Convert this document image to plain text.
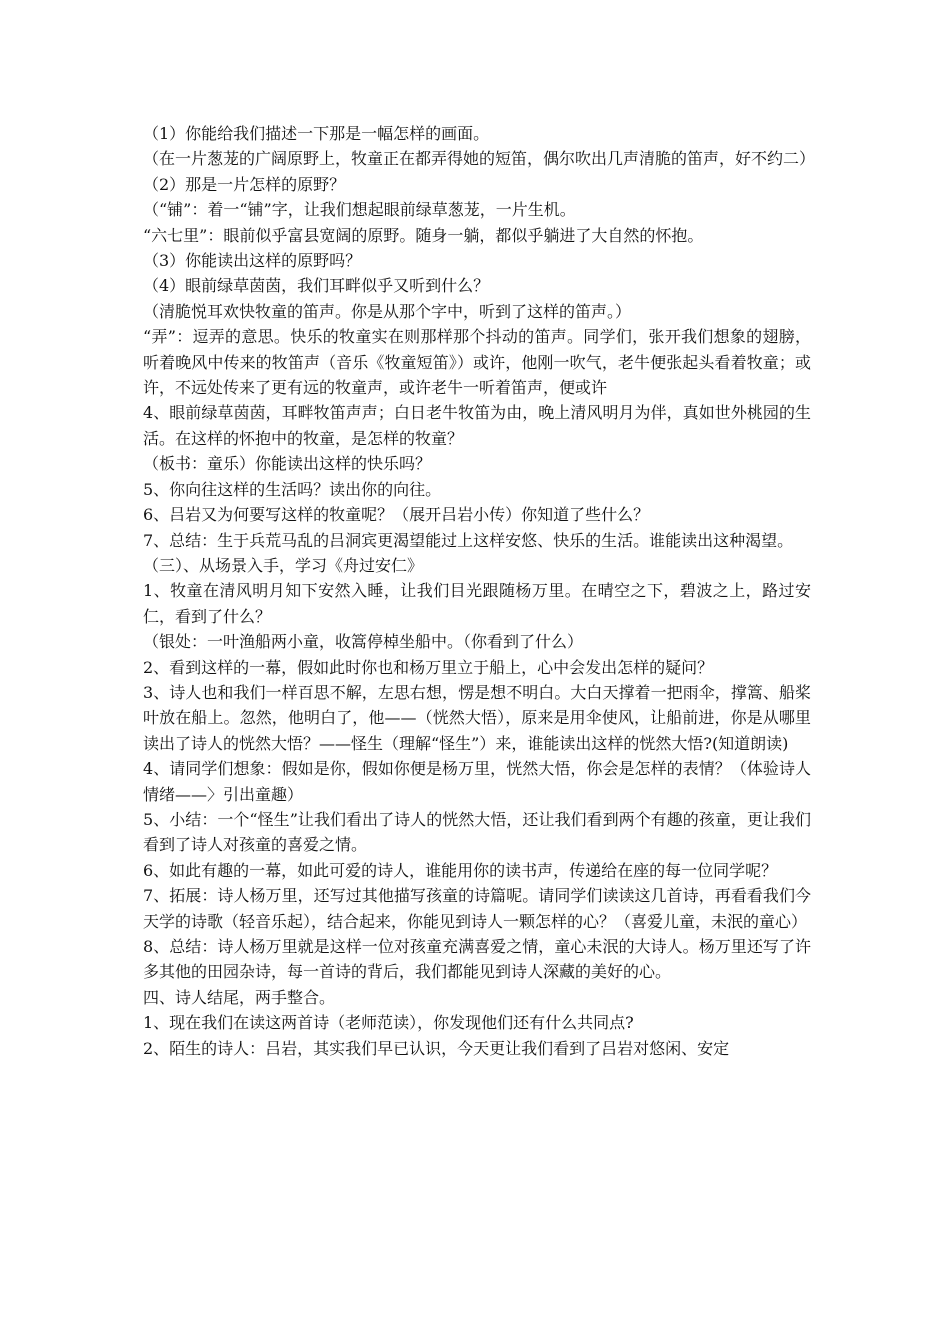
（1）你能给我们描述一下那是一幅怎样的画面。

（在一片葱茏的广阔原野上，牧童正在都弄得她的短笛，偶尔吹出几声清脆的笛声，好不约二）

（2）那是一片怎样的原野？

（“铺”：着一“铺”字，让我们想起眼前绿草葱茏，一片生机。

“六七里”：眼前似乎富县宽阔的原野。随身一躺，都似乎躺进了大自然的怀抱。

（3）你能读出这样的原野吗？

（4）眼前绿草茵茵，我们耳畔似乎又听到什么？

（清脆悦耳欢快牧童的笛声。你是从那个字中，听到了这样的笛声。）

“弄”：逗弄的意思。快乐的牧童实在则那样那个抖动的笛声。同学们，张开我们想象的翅膀，听着晚风中传来的牧笛声（音乐《牧童短笛》）或许，他刚一吹气，老牛便张起头看着牧童；或许，不远处传来了更有远的牧童声，或许老牛一听着笛声，便或许

4、眼前绿草茵茵，耳畔牧笛声声；白日老牛牧笛为由，晚上清风明月为伴，真如世外桃园的生活。在这样的怀抱中的牧童，是怎样的牧童？

（板书：童乐）你能读出这样的快乐吗？

5、你向往这样的生活吗？读出你的向往。

6、吕岩又为何要写这样的牧童呢？（展开吕岩小传）你知道了些什么？

7、总结：生于兵荒马乱的吕洞宾更渴望能过上这样安悠、快乐的生活。谁能读出这种渴望。

（三）、从场景入手，学习《舟过安仁》

1、牧童在清风明月知下安然入睡，让我们目光跟随杨万里。在晴空之下，碧波之上，路过安仁，看到了什么？

（银处：一叶渔船两小童，收篙停棹坐船中。（你看到了什么）

2、看到这样的一幕，假如此时你也和杨万里立于船上，心中会发出怎样的疑问？

3、诗人也和我们一样百思不解，左思右想，愣是想不明白。大白天撑着一把雨伞，撑篙、船桨叶放在船上。忽然，他明白了，他——（恍然大悟），原来是用伞使风，让船前进，你是从哪里读出了诗人的恍然大悟？——怪生（理解“怪生”）来，谁能读出这样的恍然大悟?(知道朗读)

4、请同学们想象：假如是你，假如你便是杨万里，恍然大悟，你会是怎样的表情？（体验诗人情绪——〉引出童趣）

5、小结：一个“怪生”让我们看出了诗人的恍然大悟，还让我们看到两个有趣的孩童，更让我们看到了诗人对孩童的喜爱之情。

6、如此有趣的一幕，如此可爱的诗人，谁能用你的读书声，传递给在座的每一位同学呢？

7、拓展：诗人杨万里，还写过其他描写孩童的诗篇呢。请同学们读读这几首诗，再看看我们今天学的诗歌（轻音乐起），结合起来，你能见到诗人一颗怎样的心？（喜爱儿童，未泯的童心）

8、总结：诗人杨万里就是这样一位对孩童充满喜爱之情，童心未泯的大诗人。杨万里还写了许多其他的田园杂诗，每一首诗的背后，我们都能见到诗人深藏的美好的心。

四、诗人结尾，两手整合。

1、现在我们在读这两首诗（老师范读），你发现他们还有什么共同点?

2、陌生的诗人：吕岩，其实我们早已认识，今天更让我们看到了吕岩对悠闲、安定
